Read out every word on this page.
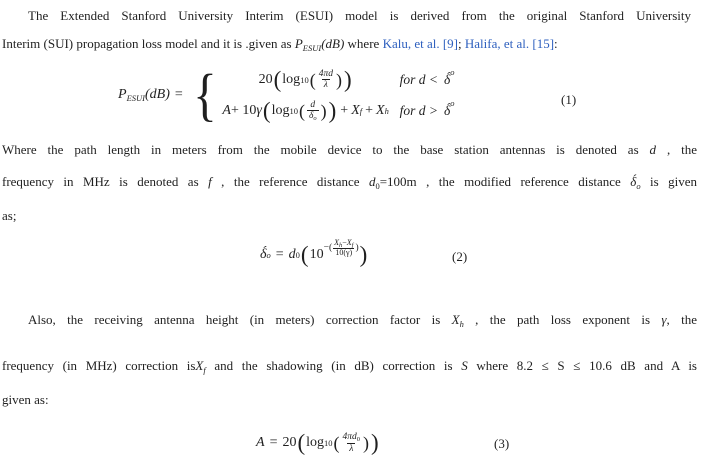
The Extended Stanford University Interim (ESUI) model is derived from the original Stanford University
Interim (SUI) propagation loss model and it is .given as $P_{ESUI}(dB)$ where Kalu, et al. [9]; Halifa, et al. [15]:
$P_{ESUI}(dB)$ = {	20 ( log 10 ( $\frac{4\pi d}{\lambda}$ ) )	for d < δ́ o
A + 10 γ ( log 10 ( $\frac{d}{\delta_o}$ ) ) + X f + X h for d > δ́ o	(1)
Where the path length in meters from the mobile device to the base station antennas is denoted as d , the
frequency in MHz is denoted as f , the reference distance $d_0=100m$ , the modified reference distance $\deltá_o$ is given
as;
δ́ o = d 0 ( 10 −( $\frac{X_h-X_f}{10(\gamma)}$ ) )	(2)
Also, the receiving antenna height (in meters) correction factor is $X_h$ , the path loss exponent is γ, the
frequency (in MHz) correction isX$_f$ and the shadowing (in dB) correction is S where 8.2 ≤ S ≤ 10.6 dB and A is
given as:
A = 20 ( log 10 ( $\frac{4\pi d_0}{\lambda}$ ) )	(3)
